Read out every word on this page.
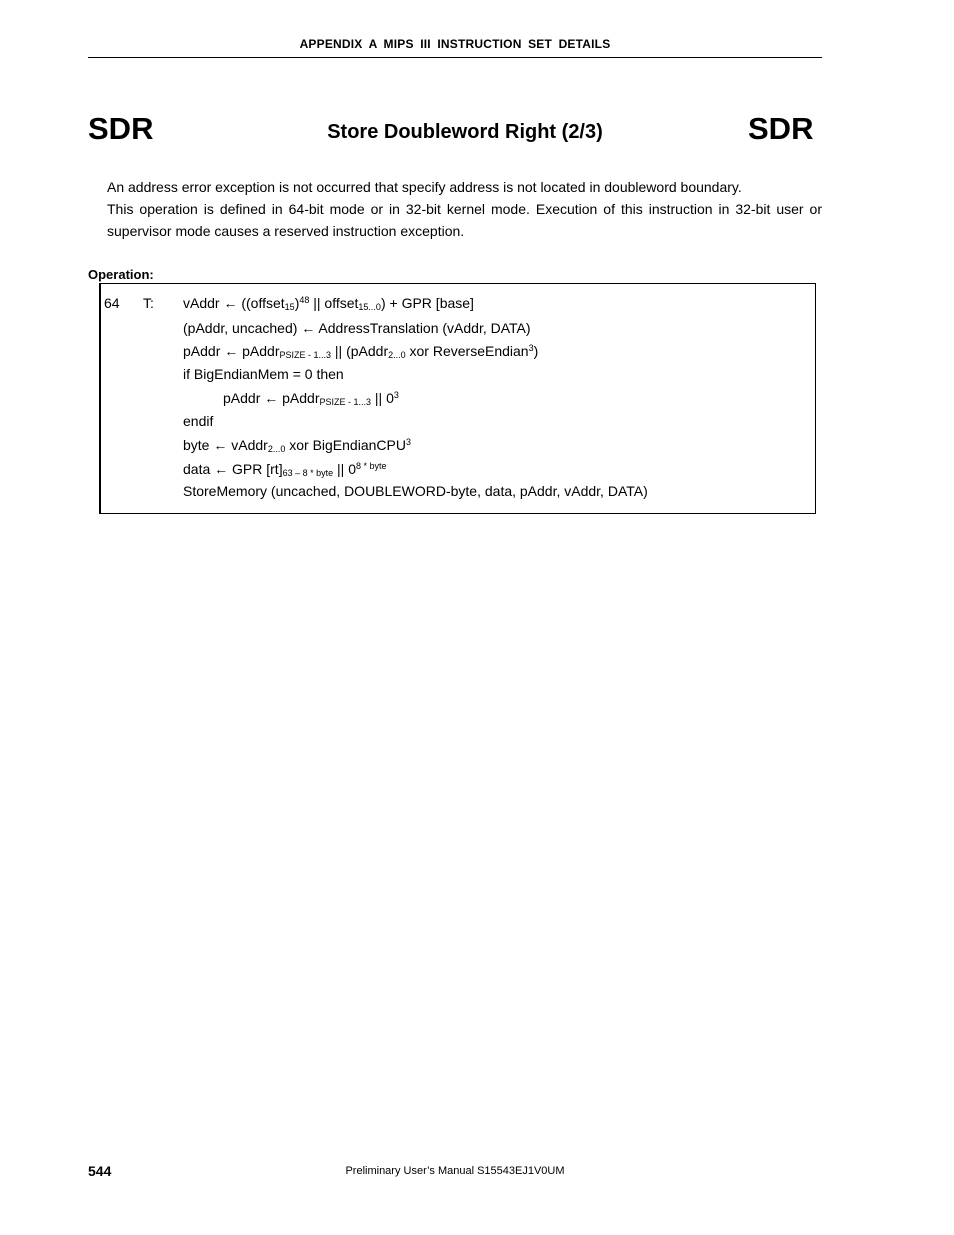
APPENDIX A MIPS III INSTRUCTION SET DETAILS
SDR	Store Doubleword Right (2/3)	SDR

An address error exception is not occurred that specify address is not located in doubleword boundary.

This operation is defined in 64-bit mode or in 32-bit kernel mode. Execution of this instruction in 32-bit user or supervisor mode causes a reserved instruction exception.

Operation:
64 T: vAddr ← ((offset$_{15}$)$^{48}$ || offset$_{15...0}$) + GPR [base]
(pAddr, uncached) ← AddressTranslation (vAddr, DATA)
pAddr ← pAddr$_{PSIZE - 1...3}$ || (pAddr$_{2...0}$ xor ReverseEndian$^3$)
if BigEndianMem = 0 then
pAddr ← pAddr$_{PSIZE - 1...3}$ || $0^3$
endif
byte ← vAddr$_{2...0}$ xor BigEndianCPU$^3$
data ← GPR $[rt]_{63 - 8 * byte}$ || $0^{8 * byte}$
StoreMemory (uncached, DOUBLEWORD-byte, data, pAddr, vAddr, DATA)
544	Preliminary User’s Manual S15543EJ1V0UM
